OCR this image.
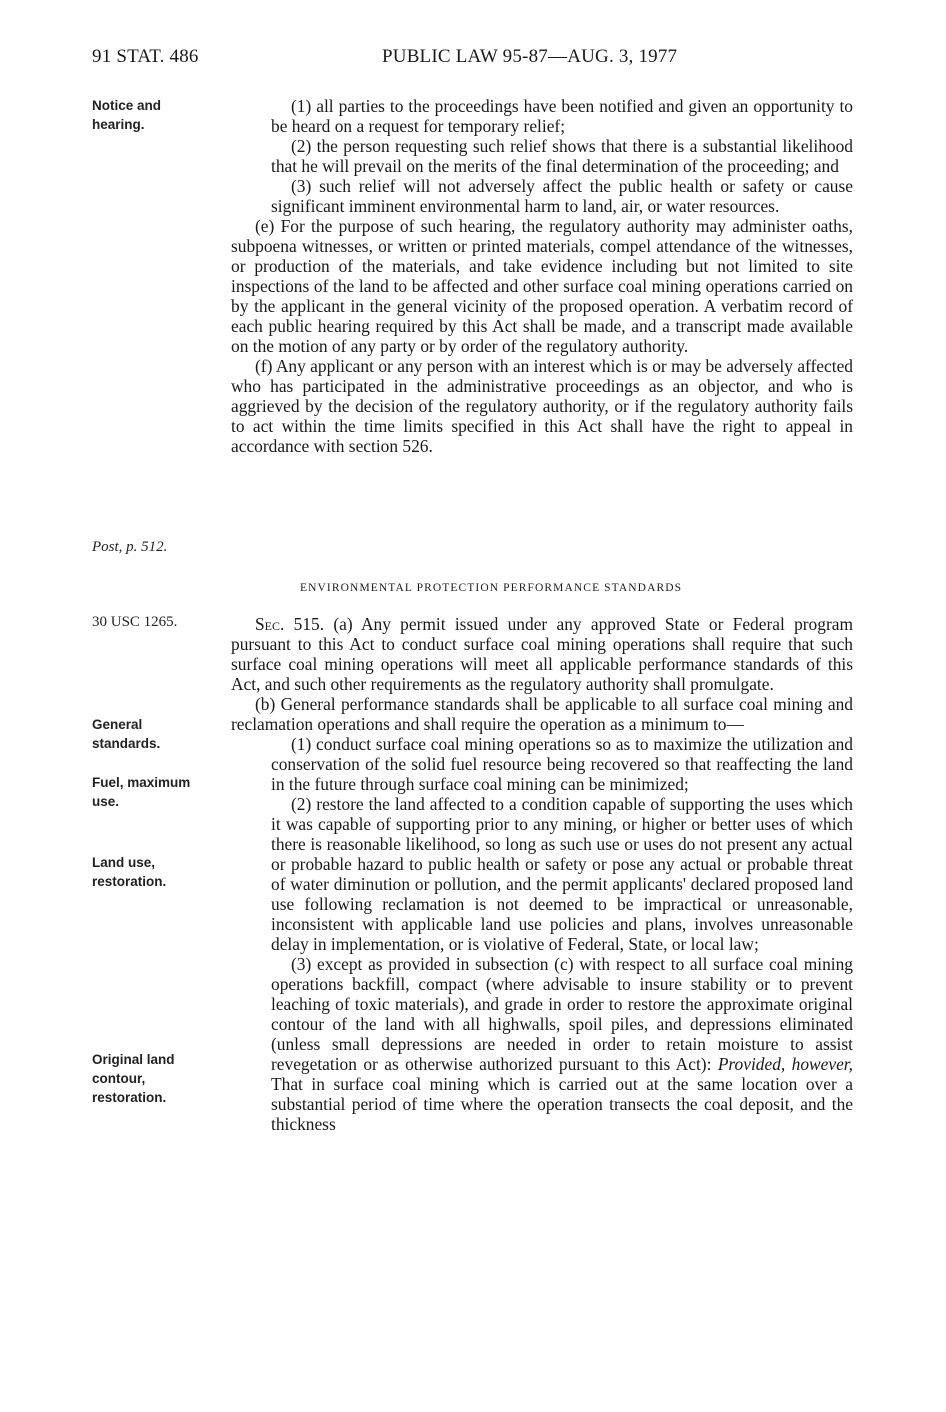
91 STAT. 486	PUBLIC LAW 95-87—AUG. 3, 1977
Notice and hearing.
Post, p. 512.
30 USC 1265.
General standards.
Fuel, maximum use.
Land use, restoration.
Original land contour, restoration.

(1) all parties to the proceedings have been notified and given an opportunity to be heard on a request for temporary relief;

(2) the person requesting such relief shows that there is a substantial likelihood that he will prevail on the merits of the final determination of the proceeding; and

(3) such relief will not adversely affect the public health or safety or cause significant imminent environmental harm to land, air, or water resources.

(e) For the purpose of such hearing, the regulatory authority may administer oaths, subpoena witnesses, or written or printed materials, compel attendance of the witnesses, or production of the materials, and take evidence including but not limited to site inspections of the land to be affected and other surface coal mining operations carried on by the applicant in the general vicinity of the proposed operation. A verbatim record of each public hearing required by this Act shall be made, and a transcript made available on the motion of any party or by order of the regulatory authority.

(f) Any applicant or any person with an interest which is or may be adversely affected who has participated in the administrative proceedings as an objector, and who is aggrieved by the decision of the regulatory authority, or if the regulatory authority fails to act within the time limits specified in this Act shall have the right to appeal in accordance with section 526.

ENVIRONMENTAL PROTECTION PERFORMANCE STANDARDS

Sec. 515. (a) Any permit issued under any approved State or Federal program pursuant to this Act to conduct surface coal mining operations shall require that such surface coal mining operations will meet all applicable performance standards of this Act, and such other requirements as the regulatory authority shall promulgate.

(b) General performance standards shall be applicable to all surface coal mining and reclamation operations and shall require the operation as a minimum to—

(1) conduct surface coal mining operations so as to maximize the utilization and conservation of the solid fuel resource being recovered so that reaffecting the land in the future through surface coal mining can be minimized;

(2) restore the land affected to a condition capable of supporting the uses which it was capable of supporting prior to any mining, or higher or better uses of which there is reasonable likelihood, so long as such use or uses do not present any actual or probable hazard to public health or safety or pose any actual or probable threat of water diminution or pollution, and the permit applicants' declared proposed land use following reclamation is not deemed to be impractical or unreasonable, inconsistent with applicable land use policies and plans, involves unreasonable delay in implementation, or is violative of Federal, State, or local law;

(3) except as provided in subsection (c) with respect to all surface coal mining operations backfill, compact (where advisable to insure stability or to prevent leaching of toxic materials), and grade in order to restore the approximate original contour of the land with all highwalls, spoil piles, and depressions eliminated (unless small depressions are needed in order to retain moisture to assist revegetation or as otherwise authorized pursuant to this Act): Provided, however, That in surface coal mining which is carried out at the same location over a substantial period of time where the operation transects the coal deposit, and the thickness
